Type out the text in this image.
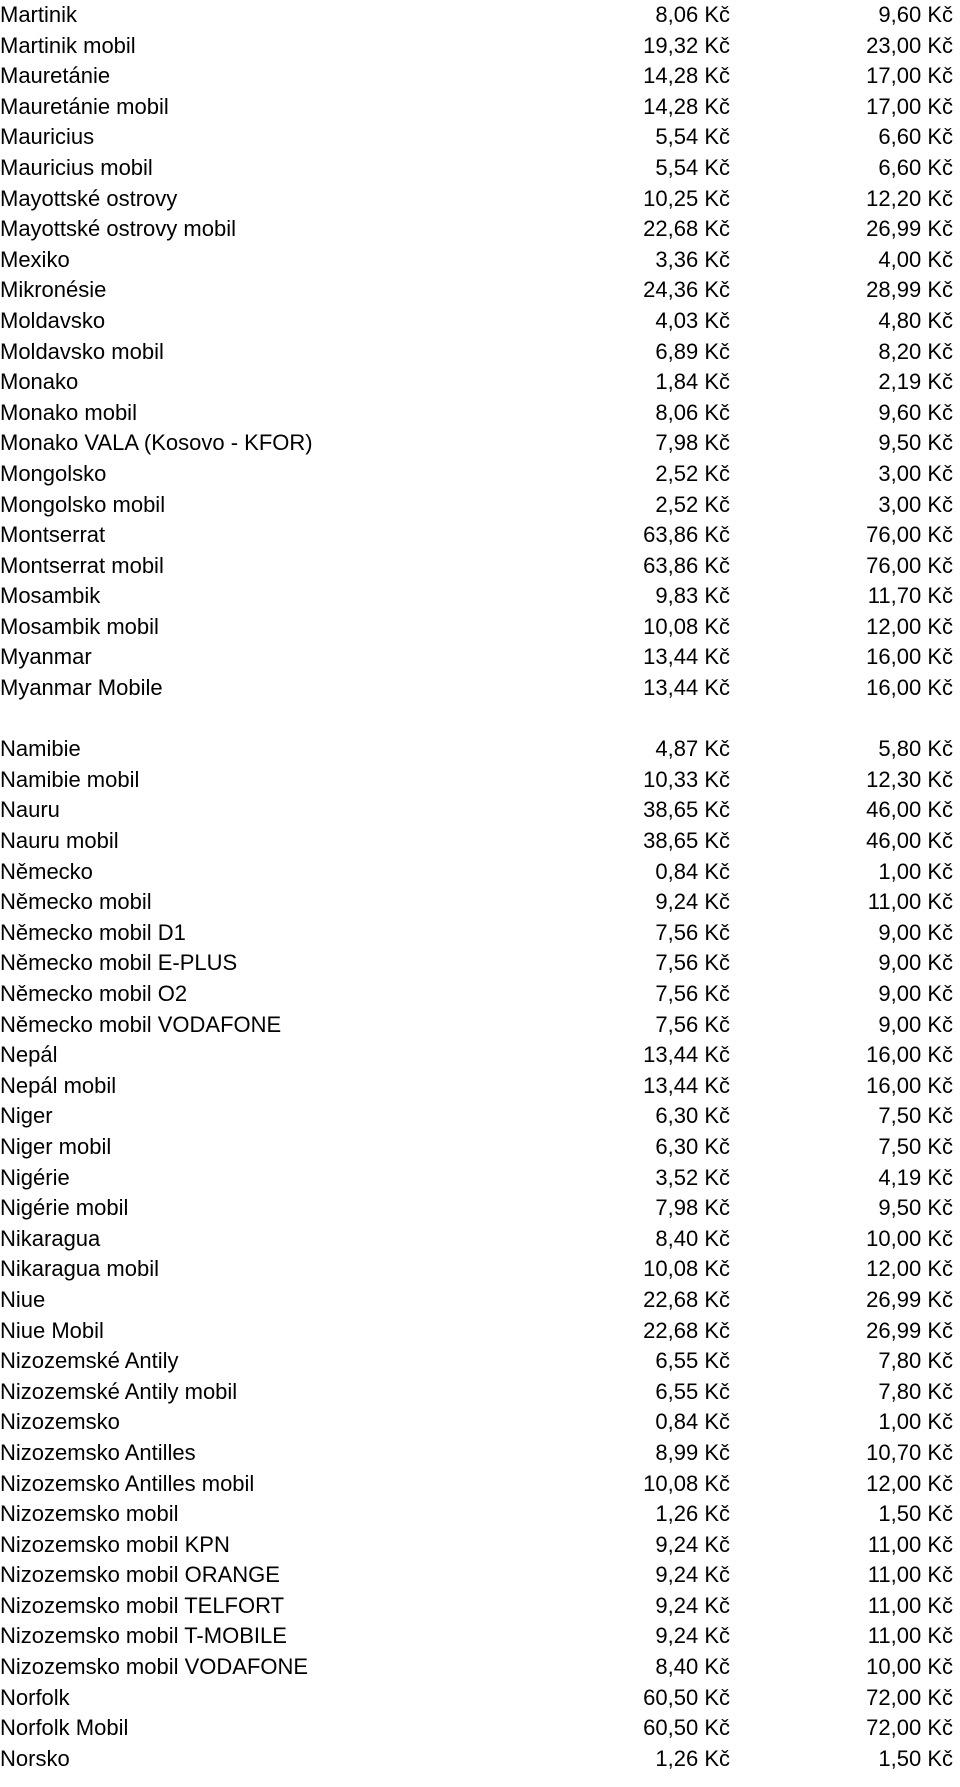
Martinik	8,06 Kč	9,60 Kč
Martinik mobil	19,32 Kč	23,00 Kč
Mauretánie	14,28 Kč	17,00 Kč
Mauretánie mobil	14,28 Kč	17,00 Kč
Mauricius	5,54 Kč	6,60 Kč
Mauricius mobil	5,54 Kč	6,60 Kč
Mayottské ostrovy	10,25 Kč	12,20 Kč
Mayottské ostrovy mobil	22,68 Kč	26,99 Kč
Mexiko	3,36 Kč	4,00 Kč
Mikronésie	24,36 Kč	28,99 Kč
Moldavsko	4,03 Kč	4,80 Kč
Moldavsko mobil	6,89 Kč	8,20 Kč
Monako	1,84 Kč	2,19 Kč
Monako mobil	8,06 Kč	9,60 Kč
Monako VALA (Kosovo - KFOR)	7,98 Kč	9,50 Kč
Mongolsko	2,52 Kč	3,00 Kč
Mongolsko mobil	2,52 Kč	3,00 Kč
Montserrat	63,86 Kč	76,00 Kč
Montserrat mobil	63,86 Kč	76,00 Kč
Mosambik	9,83 Kč	11,70 Kč
Mosambik mobil	10,08 Kč	12,00 Kč
Myanmar	13,44 Kč	16,00 Kč
Myanmar Mobile	13,44 Kč	16,00 Kč
Namibie	4,87 Kč	5,80 Kč
Namibie mobil	10,33 Kč	12,30 Kč
Nauru	38,65 Kč	46,00 Kč
Nauru mobil	38,65 Kč	46,00 Kč
Německo	0,84 Kč	1,00 Kč
Německo mobil	9,24 Kč	11,00 Kč
Německo mobil D1	7,56 Kč	9,00 Kč
Německo mobil E-PLUS	7,56 Kč	9,00 Kč
Německo mobil O2	7,56 Kč	9,00 Kč
Německo mobil VODAFONE	7,56 Kč	9,00 Kč
Nepál	13,44 Kč	16,00 Kč
Nepál mobil	13,44 Kč	16,00 Kč
Niger	6,30 Kč	7,50 Kč
Niger mobil	6,30 Kč	7,50 Kč
Nigérie	3,52 Kč	4,19 Kč
Nigérie mobil	7,98 Kč	9,50 Kč
Nikaragua	8,40 Kč	10,00 Kč
Nikaragua mobil	10,08 Kč	12,00 Kč
Niue	22,68 Kč	26,99 Kč
Niue Mobil	22,68 Kč	26,99 Kč
Nizozemské Antily	6,55 Kč	7,80 Kč
Nizozemské Antily mobil	6,55 Kč	7,80 Kč
Nizozemsko	0,84 Kč	1,00 Kč
Nizozemsko Antilles	8,99 Kč	10,70 Kč
Nizozemsko Antilles mobil	10,08 Kč	12,00 Kč
Nizozemsko mobil	1,26 Kč	1,50 Kč
Nizozemsko mobil KPN	9,24 Kč	11,00 Kč
Nizozemsko mobil ORANGE	9,24 Kč	11,00 Kč
Nizozemsko mobil TELFORT	9,24 Kč	11,00 Kč
Nizozemsko mobil T-MOBILE	9,24 Kč	11,00 Kč
Nizozemsko mobil VODAFONE	8,40 Kč	10,00 Kč
Norfolk	60,50 Kč	72,00 Kč
Norfolk Mobil	60,50 Kč	72,00 Kč
Norsko	1,26 Kč	1,50 Kč
